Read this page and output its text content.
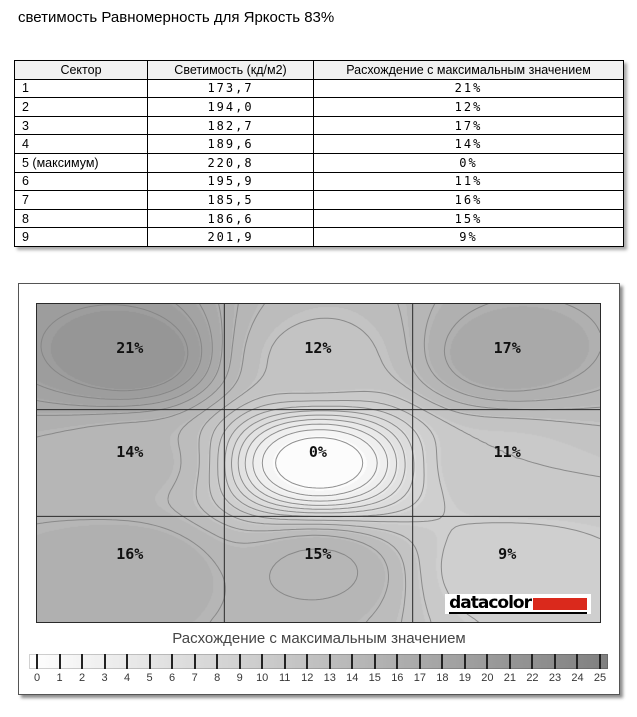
светимость Равномерность для Яркость 83%
Сектор	Светимость (кд/м2)	Расхождение с максимальным значением
1	173,7	21%
2	194,0	12%
3	182,7	17%
4	189,6	14%
5 (максимум)	220,8	0%
6	195,9	11%
7	185,5	16%
8	186,6	15%
9	201,9	9%
21%	12%	17%
14%	0%	11%
16%	15%	9%
datacolor
Расхождение с максимальным значением
0 1 2 3 4 5 6 7 8 9 10 11 12 13 14 15 16 17 18 19 20 21 22 23 24 25
